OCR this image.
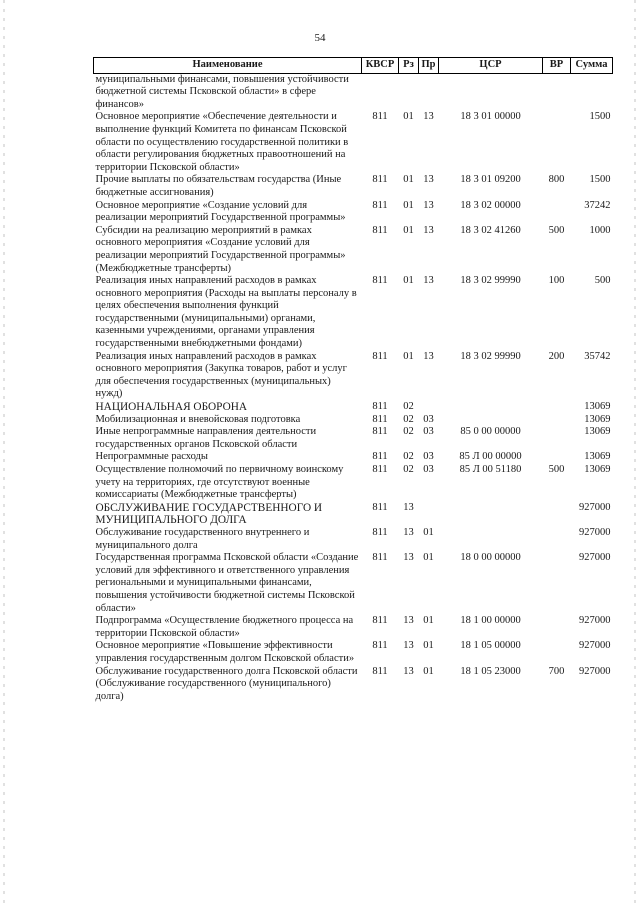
54
Наименование	КВСР	Рз	Пр	ЦСР	ВР	Сумма
муниципальными финансами, повышения устойчивости бюджетной системы Псковской области» в сфере финансов»						
Основное мероприятие «Обеспечение деятельности и выполнение функций Комитета по финансам Псковской области по осуществлению государственной политики в области регулирования бюджетных правоотношений на территории Псковской области»	811	01	13	18 3 01 00000		1500
Прочие выплаты по обязательствам государства (Иные бюджетные ассигнования)	811	01	13	18 3 01 09200	800	1500
Основное мероприятие «Создание условий для реализации мероприятий Государственной программы»	811	01	13	18 3 02 00000		37242
Субсидии на реализацию мероприятий в рамках основного мероприятия «Создание условий для реализации мероприятий Государственной программы» (Межбюджетные трансферты)	811	01	13	18 3 02 41260	500	1000
Реализация иных направлений расходов в рамках основного мероприятия (Расходы на выплаты персоналу в целях обеспечения выполнения функций государственными (муниципальными) органами, казенными учреждениями, органами управления государственными внебюджетными фондами)	811	01	13	18 3 02 99990	100	500
Реализация иных направлений расходов в рамках основного мероприятия (Закупка товаров, работ и услуг для обеспечения государственных (муниципальных) нужд)	811	01	13	18 3 02 99990	200	35742
НАЦИОНАЛЬНАЯ ОБОРОНА	811	02				13069
Мобилизационная и вневойсковая подготовка	811	02	03			13069
Иные непрограммные направления деятельности государственных органов Псковской области	811	02	03	85 0 00 00000		13069
Непрограммные расходы	811	02	03	85 Л 00 00000		13069
Осуществление полномочий по первичному воинскому учету на территориях, где отсутствуют военные комиссариаты (Межбюджетные трансферты)	811	02	03	85 Л 00 51180	500	13069
ОБСЛУЖИВАНИЕ ГОСУДАРСТВЕННОГО И МУНИЦИПАЛЬНОГО ДОЛГА	811	13				927000
Обслуживание государственного внутреннего и муниципального долга	811	13	01			927000
Государственная программа Псковской области «Создание условий для эффективного и ответственного управления региональными и муниципальными финансами, повышения устойчивости бюджетной системы Псковской области»	811	13	01	18 0 00 00000		927000
Подпрограмма «Осуществление бюджетного процесса на территории Псковской области»	811	13	01	18 1 00 00000		927000
Основное мероприятие «Повышение эффективности управления государственным долгом Псковской области»	811	13	01	18 1 05 00000		927000
Обслуживание государственного долга Псковской области (Обслуживание государственного (муниципального) долга)	811	13	01	18 1 05 23000	700	927000
